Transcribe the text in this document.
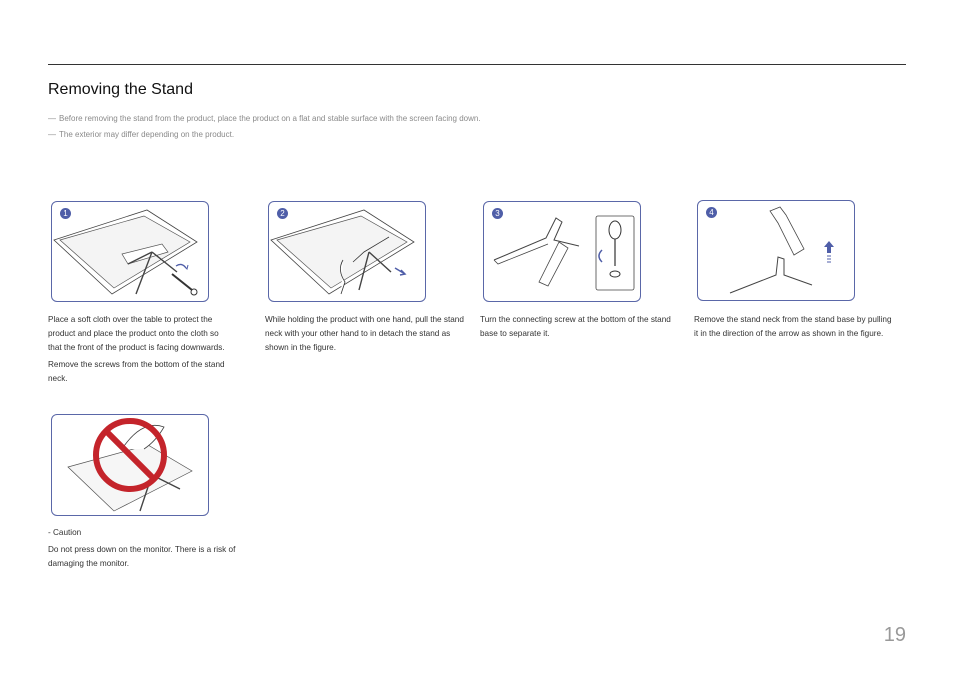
Removing the Stand
― Before removing the stand from the product, place the product on a flat and stable surface with the screen facing down.
― The exterior may differ depending on the product.
1	2	3	4

Place a soft cloth over the table to protect the product and place the product onto the cloth so that the front of the product is facing downwards.

Remove the screws from the bottom of the stand neck.

While holding the product with one hand, pull the stand neck with your other hand to in detach the stand as shown in the figure.

Turn the connecting screw at the bottom of the stand base to separate it.

Remove the stand neck from the stand base by pulling it in the direction of the arrow as shown in the figure.

- Caution

Do not press down on the monitor. There is a risk of damaging the monitor.

19
